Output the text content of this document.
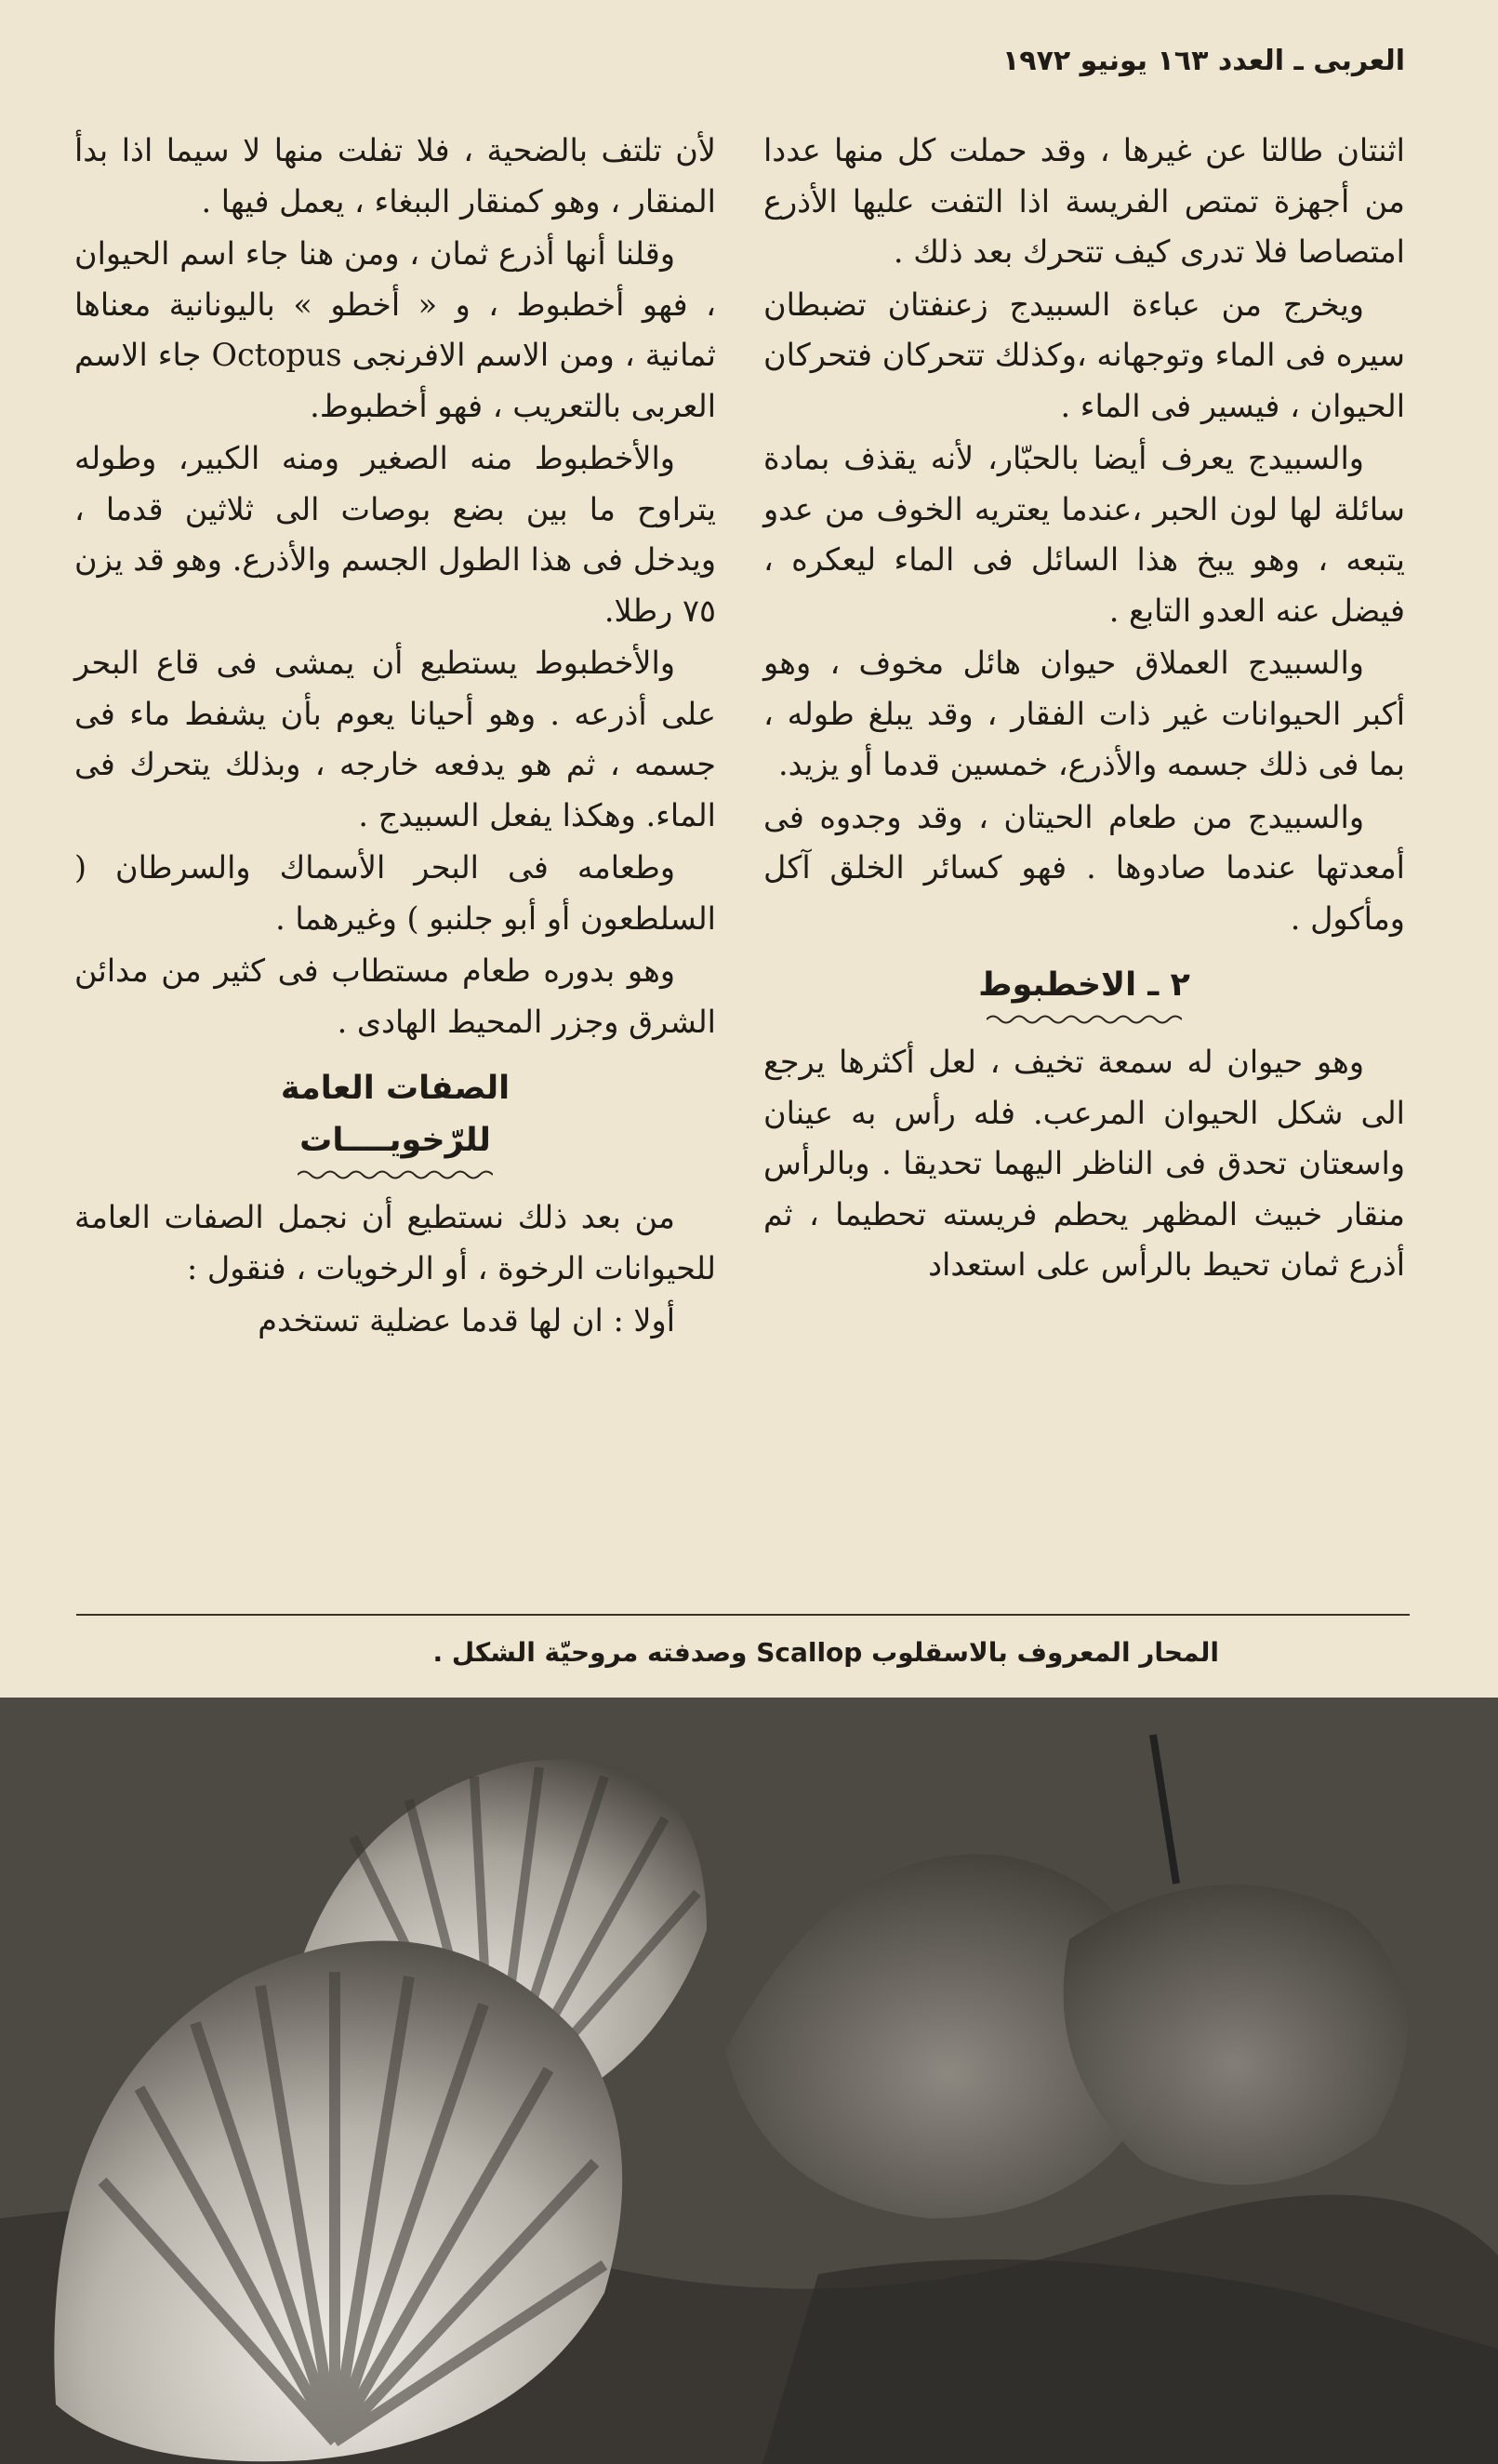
العربى ـ العدد ١٦٣ يونيو ١٩٧٢

اثنتان طالتا عن غيرها ، وقد حملت كل منها عددا من أجهزة تمتص الفريسة اذا التفت عليها الأذرع امتصاصا فلا تدرى كيف تتحرك بعد ذلك .

ويخرج من عباءة السبيدج زعنفتان تضبطان سيره فى الماء وتوجهانه ،وكذلك تتحركان فتحركان الحيوان ، فيسير فى الماء .

والسبيدج يعرف أيضا بالحبّار، لأنه يقذف بمادة سائلة لها لون الحبر ،عندما يعتريه الخوف من عدو يتبعه ، وهو يبخ هذا السائل فى الماء ليعكره ، فيضل عنه العدو التابع .

والسبيدج العملاق حيوان هائل مخوف ، وهو أكبر الحيوانات غير ذات الفقار ، وقد يبلغ طوله ، بما فى ذلك جسمه والأذرع، خمسين قدما أو يزيد.

والسبيدج من طعام الحيتان ، وقد وجدوه فى أمعدتها عندما صادوها . فهو كسائر الخلق آكل ومأكول .

٢ ـ الاخطبوط

وهو حيوان له سمعة تخيف ، لعل أكثرها يرجع الى شكل الحيوان المرعب. فله رأس به عينان واسعتان تحدق فى الناظر اليهما تحديقا . وبالرأس منقار خبيث المظهر يحطم فريسته تحطيما ، ثم أذرع ثمان تحيط بالرأس على استعداد

لأن تلتف بالضحية ، فلا تفلت منها لا سيما اذا بدأ المنقار ، وهو كمنقار الببغاء ، يعمل فيها .

وقلنا أنها أذرع ثمان ، ومن هنا جاء اسم الحيوان ، فهو أخطبوط ، و « أخطو » باليونانية معناها ثمانية ، ومن الاسم الافرنجى Octopus جاء الاسم العربى بالتعريب ، فهو أخطبوط.

والأخطبوط منه الصغير ومنه الكبير، وطوله يتراوح ما بين بضع بوصات الى ثلاثين قدما ، ويدخل فى هذا الطول الجسم والأذرع. وهو قد يزن ٧٥ رطلا.

والأخطبوط يستطيع أن يمشى فى قاع البحر على أذرعه . وهو أحيانا يعوم بأن يشفط ماء فى جسمه ، ثم هو يدفعه خارجه ، وبذلك يتحرك فى الماء. وهكذا يفعل السبيدج .

وطعامه فى البحر الأسماك والسرطان ( السلطعون أو أبو جلنبو ) وغيرهما .

وهو بدوره طعام مستطاب فى كثير من مدائن الشرق وجزر المحيط الهادى .

الصفات العامة
للرّخويــــات

من بعد ذلك نستطيع أن نجمل الصفات العامة للحيوانات الرخوة ، أو الرخويات ، فنقول :

أولا : ان لها قدما عضلية تستخدم

المحار المعروف بالاسقلوب Scallop وصدفته مروحيّة الشكل .
